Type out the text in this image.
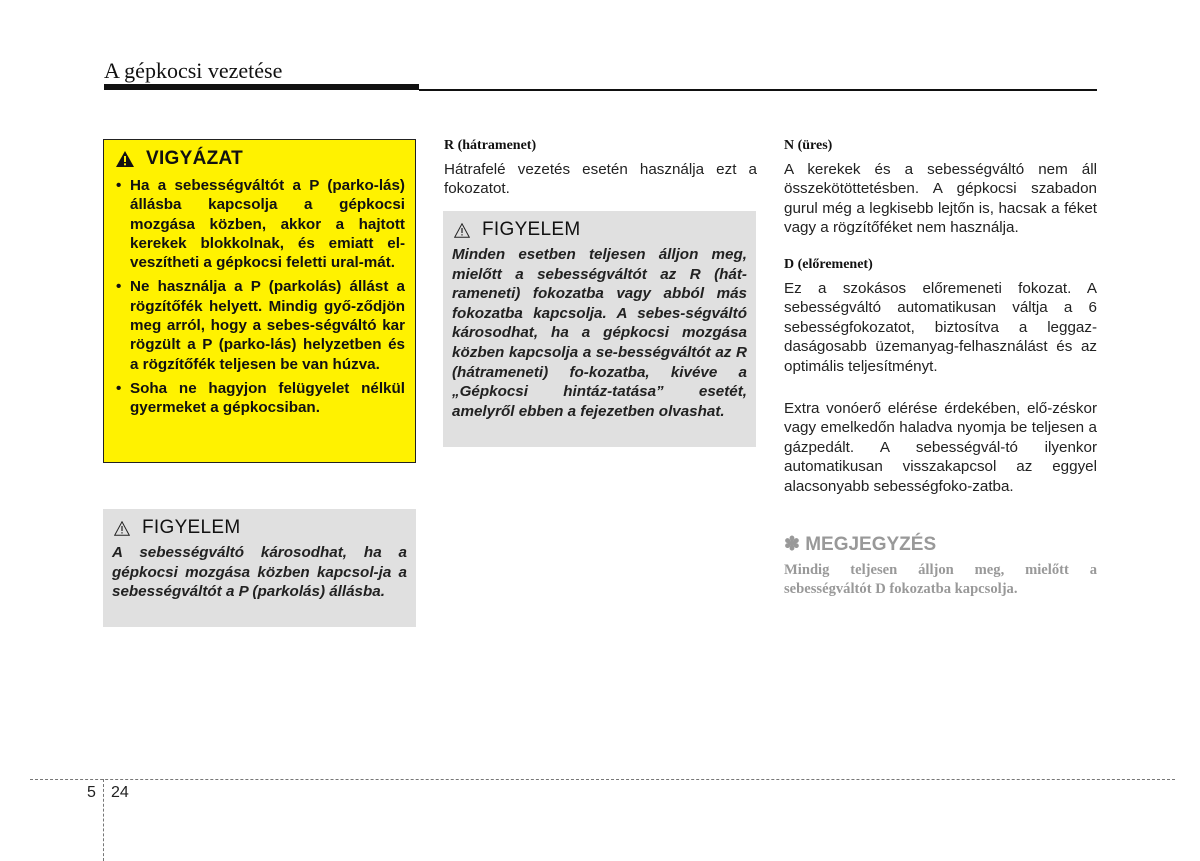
A gépkocsi vezetése
VIGYÁZAT
• Ha a sebességváltót a P (parko-lás) állásba kapcsolja a gépkocsi mozgása közben, akkor a hajtott kerekek blokkolnak, és emiatt el-veszítheti a gépkocsi feletti ural-mát.
• Ne használja a P (parkolás) állást a rögzítőfék helyett. Mindig győ-ződjön meg arról, hogy a sebes-ségváltó kar rögzült a P (parko-lás) helyzetben és a rögzítőfék teljesen be van húzva.
• Soha ne hagyjon felügyelet nélkül gyermeket a gépkocsiban.
FIGYELEM
A sebességváltó károsodhat, ha a gépkocsi mozgása közben kapcsol-ja a sebességváltót a P (parkolás) állásba.
R (hátramenet)
Hátrafelé vezetés esetén használja ezt a fokozatot.
FIGYELEM
Minden esetben teljesen álljon meg, mielőtt a sebességváltót az R (hát-rameneti) fokozatba vagy abból más fokozatba kapcsolja. A sebes-ségváltó károsodhat, ha a gépkocsi mozgása közben kapcsolja a se-bességváltót az R (hátrameneti) fo-kozatba, kivéve a „Gépkocsi hintáz-tatása” esetét, amelyről ebben a fejezetben olvashat.
N (üres)
A kerekek és a sebességváltó nem áll összekötöttetésben. A gépkocsi szabadon gurul még a legkisebb lejtőn is, hacsak a féket vagy a rögzítőféket nem használja.
D (előremenet)
Ez a szokásos előremeneti fokozat. A sebességváltó automatikusan váltja a 6 sebességfokozatot, biztosítva a leggaz-daságosabb üzemanyag-felhasználást és az optimális teljesítményt.
Extra vonóerő elérése érdekében, elő-zéskor vagy emelkedőn haladva nyomja be teljesen a gázpedált. A sebességvál-tó ilyenkor automatikusan visszakapcsol az eggyel alacsonyabb sebességfoko-zatba.
✽ MEGJEGYZÉS
Mindig teljesen álljon meg, mielőtt a sebességváltót D fokozatba kapcsolja.
5 24
